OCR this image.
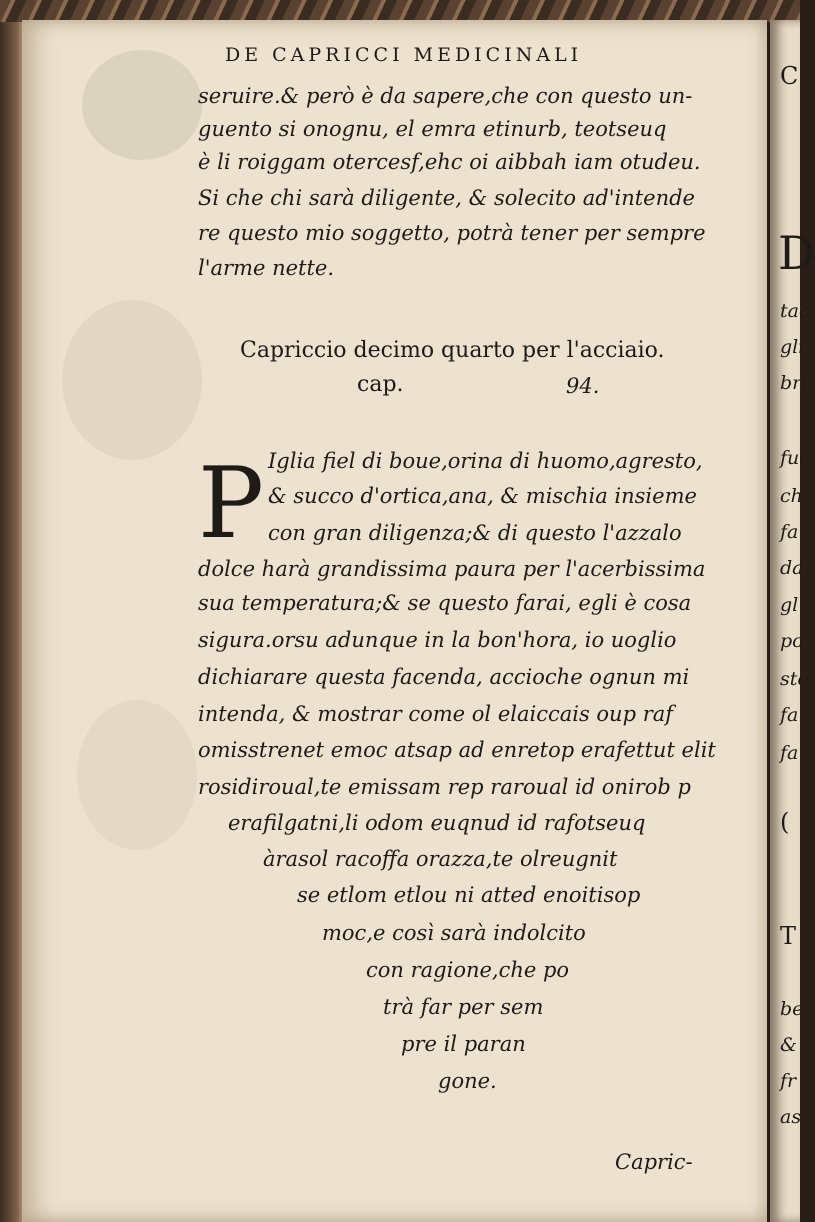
DE CAPRICCI MEDICINALI
seruire.& però è da sapere,che con questo un-
guento si onognu, el emra etinurb, teotseuq
è li roiggam otercesf,ehc oi aibbah iam otudeu.
Si che chi sarà diligente, & solecito ad'intende
re questo mio soggetto, potrà tener per sempre
l'arme nette.
Capriccio decimo quarto per l'acciaio.
cap.	94.
P Iglia fiel di boue,orina di huomo,agresto,
& succo d'ortica,ana, & mischia insieme
con gran diligenza;& di questo l'azzalo
dolce harà grandissima paura per l'acerbissima
sua temperatura;& se questo farai, egli è cosa
sigura.orsu adunque in la bon'hora, io uoglio
dichiarare questa facenda, accioche ognun mi
intenda, & mostrar come ol elaiccais oup raf
omisstrenet emoc atsap ad enretop erafettut elit
rosidiroual,te emissam rep raroual id onirob p
erafilgatni,li odom euqnud id rafotseuq
àrasol racoffa orazza,te olreugnit
se etlom etlou ni atted enoitisop
moc,e così sarà indolcito
con ragione,che po
trà far per sem
pre il paran
gone.
Capric-
C
D
tac
gli
bri
fuc
ch
fa
da
gl
po
sto
fa
fa
(
T
be
&
fr
as
